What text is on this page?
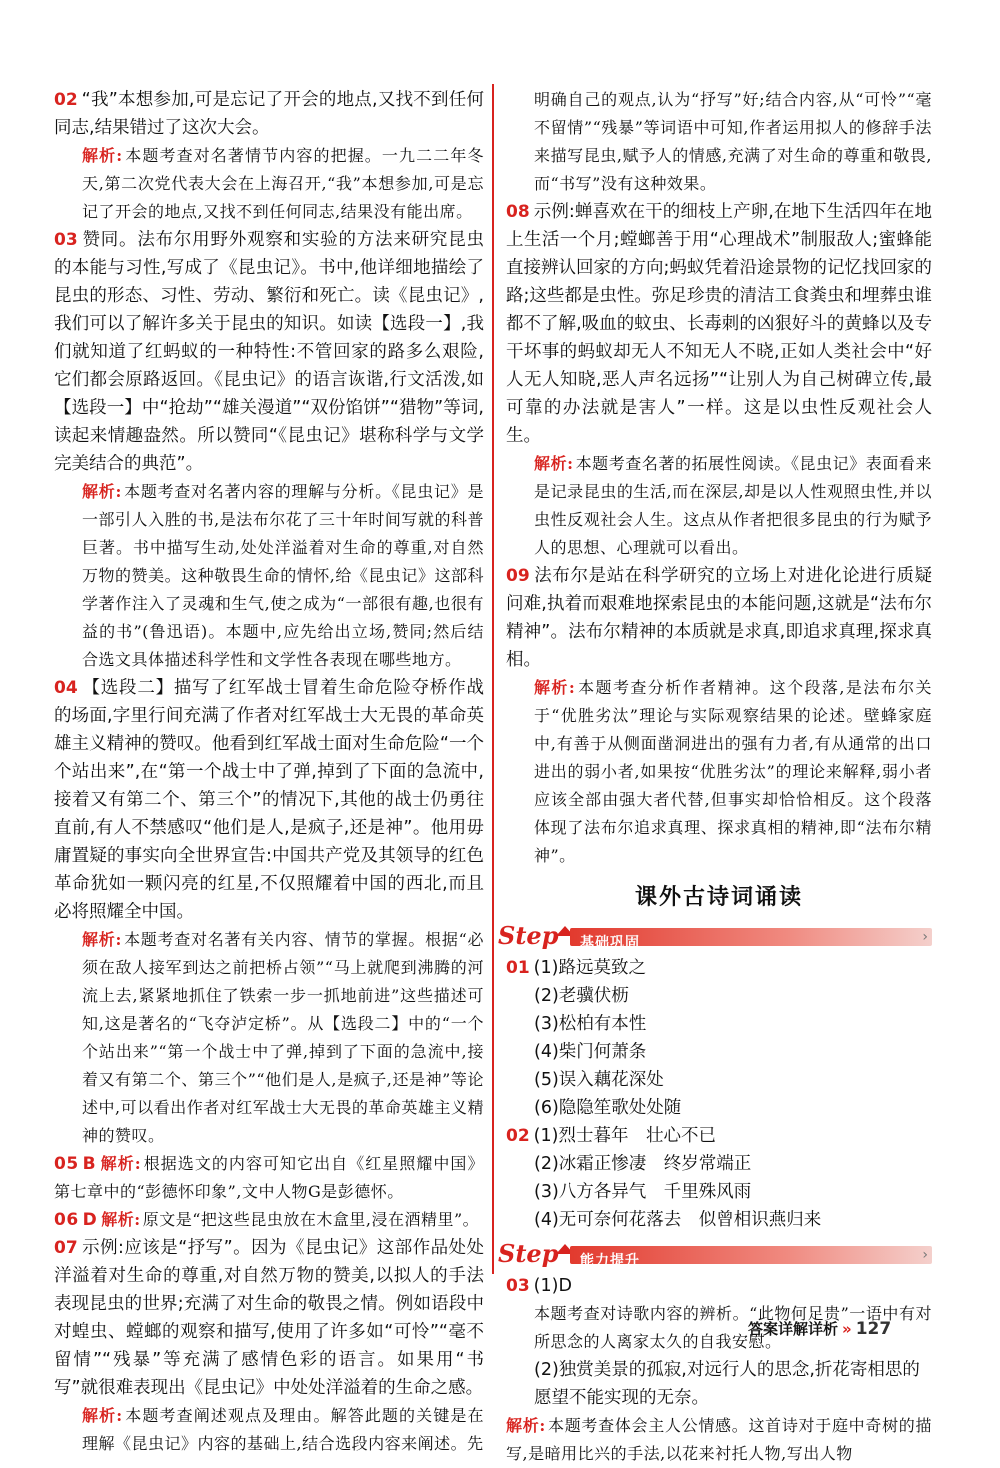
02 “我”本想参加,可是忘记了开会的地点,又找不到任何同志,结果错过了这次大会。
解析: 本题考查对名著情节内容的把握。一九二二年冬天,第二次党代表大会在上海召开,“我”本想参加,可是忘记了开会的地点,又找不到任何同志,结果没有能出席。
03 赞同。法布尔用野外观察和实验的方法来研究昆虫的本能与习性,写成了《昆虫记》。书中,他详细地描绘了昆虫的形态、习性、劳动、繁衍和死亡。读《昆虫记》,我们可以了解许多关于昆虫的知识。如读【选段一】,我们就知道了红蚂蚁的一种特性:不管回家的路多么艰险,它们都会原路返回。《昆虫记》的语言诙谐,行文活泼,如【选段一】中“抢劫”“雄关漫道”“双份馅饼”“猎物”等词,读起来情趣盎然。所以赞同“《昆虫记》堪称科学与文学完美结合的典范”。
解析: 本题考查对名著内容的理解与分析。《昆虫记》是一部引人入胜的书,是法布尔花了三十年时间写就的科普巨著。书中描写生动,处处洋溢着对生命的尊重,对自然万物的赞美。这种敬畏生命的情怀,给《昆虫记》这部科学著作注入了灵魂和生气,使之成为“一部很有趣,也很有益的书”(鲁迅语)。本题中,应先给出立场,赞同;然后结合选文具体描述科学性和文学性各表现在哪些地方。
04 【选段二】描写了红军战士冒着生命危险夺桥作战的场面,字里行间充满了作者对红军战士大无畏的革命英雄主义精神的赞叹。他看到红军战士面对生命危险“一个个站出来”,在“第一个战士中了弹,掉到了下面的急流中,接着又有第二个、第三个”的情况下,其他的战士仍勇往直前,有人不禁感叹“他们是人,是疯子,还是神”。他用毋庸置疑的事实向全世界宣告:中国共产党及其领导的红色革命犹如一颗闪亮的红星,不仅照耀着中国的西北,而且必将照耀全中国。
解析: 本题考查对名著有关内容、情节的掌握。根据“必须在敌人接军到达之前把桥占领”“马上就爬到沸腾的河流上去,紧紧地抓住了铁索一步一抓地前进”这些描述可知,这是著名的“飞夺泸定桥”。从【选段二】中的“一个个站出来”“第一个战士中了弹,掉到了下面的急流中,接着又有第二个、第三个”“他们是人,是疯子,还是神”等论述中,可以看出作者对红军战士大无畏的革命英雄主义精神的赞叹。
05 B 解析: 根据选文的内容可知它出自《红星照耀中国》第七章中的“彭德怀印象”,文中人物G是彭德怀。
06 D 解析: 原文是“把这些昆虫放在木盒里,浸在酒精里”。
07 示例:应该是“抒写”。因为《昆虫记》这部作品处处洋溢着对生命的尊重,对自然万物的赞美,以拟人的手法表现昆虫的世界;充满了对生命的敬畏之情。例如语段中对蝗虫、螳螂的观察和描写,使用了许多如“可怜”“毫不留情”“残暴”等充满了感情色彩的语言。如果用“书写”就很难表现出《昆虫记》中处处洋溢着的生命之感。
解析: 本题考查阐述观点及理由。解答此题的关键是在理解《昆虫记》内容的基础上,结合选段内容来阐述。先
明确自己的观点,认为“抒写”好;结合内容,从“可怜”“毫不留情”“残暴”等词语中可知,作者运用拟人的修辞手法来描写昆虫,赋予人的情感,充满了对生命的尊重和敬畏,而“书写”没有这种效果。
08 示例:蝉喜欢在干的细枝上产卵,在地下生活四年在地上生活一个月;螳螂善于用“心理战术”制服敌人;蜜蜂能直接辨认回家的方向;蚂蚁凭着沿途景物的记忆找回家的路;这些都是虫性。弥足珍贵的清洁工食粪虫和埋葬虫谁都不了解,吸血的蚊虫、长毒刺的凶狠好斗的黄蜂以及专干坏事的蚂蚁却无人不知无人不晓,正如人类社会中“好人无人知晓,恶人声名远扬”“让别人为自己树碑立传,最可靠的办法就是害人”一样。这是以虫性反观社会人生。
解析: 本题考查名著的拓展性阅读。《昆虫记》表面看来是记录昆虫的生活,而在深层,却是以人性观照虫性,并以虫性反观社会人生。这点从作者把很多昆虫的行为赋予人的思想、心理就可以看出。
09 法布尔是站在科学研究的立场上对进化论进行质疑问难,执着而艰难地探索昆虫的本能问题,这就是“法布尔精神”。法布尔精神的本质就是求真,即追求真理,探求真相。
解析: 本题考查分析作者精神。这个段落,是法布尔关于“优胜劣汰”理论与实际观察结果的论述。壁蜂家庭中,有善于从侧面凿洞进出的强有力者,有从通常的出口进出的弱小者,如果按“优胜劣汰”的理论来解释,弱小者应该全部由强大者代替,但事实却恰恰相反。这个段落体现了法布尔追求真理、探求真相的精神,即“法布尔精神”。
课外古诗词诵读
Step	基础巩固	›
01 (1)路远莫致之
(2)老骥伏枥
(3)松柏有本性
(4)柴门何萧条
(5)误入藕花深处
(6)隐隐笙歌处处随
02 (1)烈士暮年　壮心不已
(2)冰霜正惨凄　终岁常端正
(3)八方各异气　千里殊风雨
(4)无可奈何花落去　似曾相识燕归来
Step	能力提升	›
03 (1)D
本题考查对诗歌内容的辨析。“此物何足贵”一语中有对所思念的人离家太久的自我安慰。
(2)独赏美景的孤寂,对远行人的思念,折花寄相思的愿望不能实现的无奈。
解析: 本题考查体会主人公情感。这首诗对于庭中奇树的描写,是暗用比兴的手法,以花来衬托人物,写出人物
答案详解详析 » 127
